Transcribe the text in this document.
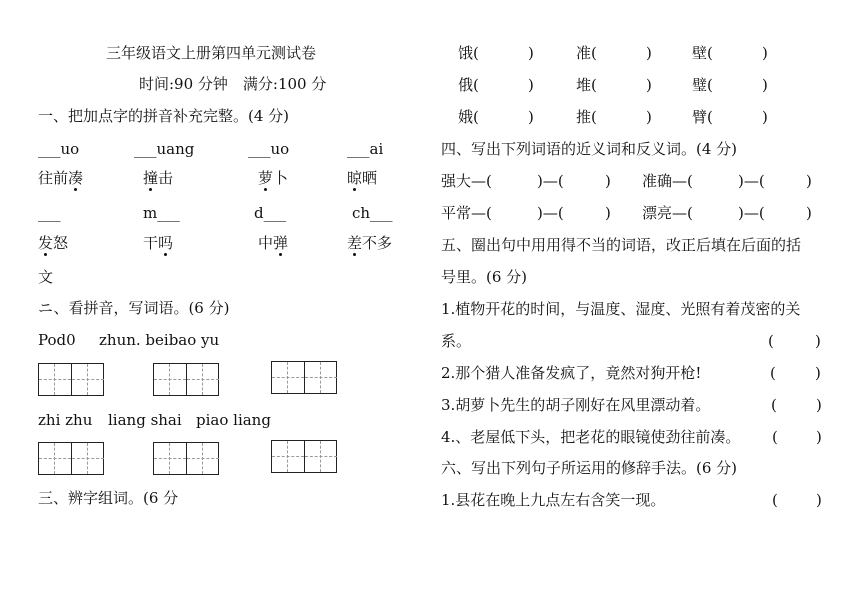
三年级语文上册第四单元测试卷
时间:90 分钟　满分:100 分
一、把加点字的拼音补充完整。(4 分)
___uo	___uang	___uo	___ai
往前凑	撞击	萝卜	晾晒
___	m___	d___	ch___
发怒	干吗	中弹	差不多
文
ニ、看拼音，写词语。(6 分)
Pod0 zhun. beibao yu
zhi zhu liang shai piao liang
三、辨字组词。(6 分
饿(	)	准(	)	壁(	)
俄(	)	堆(	)	璧(	)
娥(	)	推(	)	臂(	)
四、写出下列词语的近义词和反义词。(4 分)
强大—(	)—(	) 准确—(	)—(	)
平常—(	)—(	) 漂亮—(	)—(	)
五、圈出句中用用得不当的词语，改正后填在后面的括
号里。(6 分)
1.植物开花的时间，与温度、湿度、光照有着茂密的关
系。	(	)
2.那个猎人准备发疯了，竟然对狗开枪!	(	)
3.胡萝卜先生的胡子刚好在风里漂动着。	(	)
4.、老屋低下头，把老花的眼镜使劲往前凑。 (	)
六、写出下列句子所运用的修辞手法。(6 分)
1.县花在晚上九点左右含笑一现。	(	)
